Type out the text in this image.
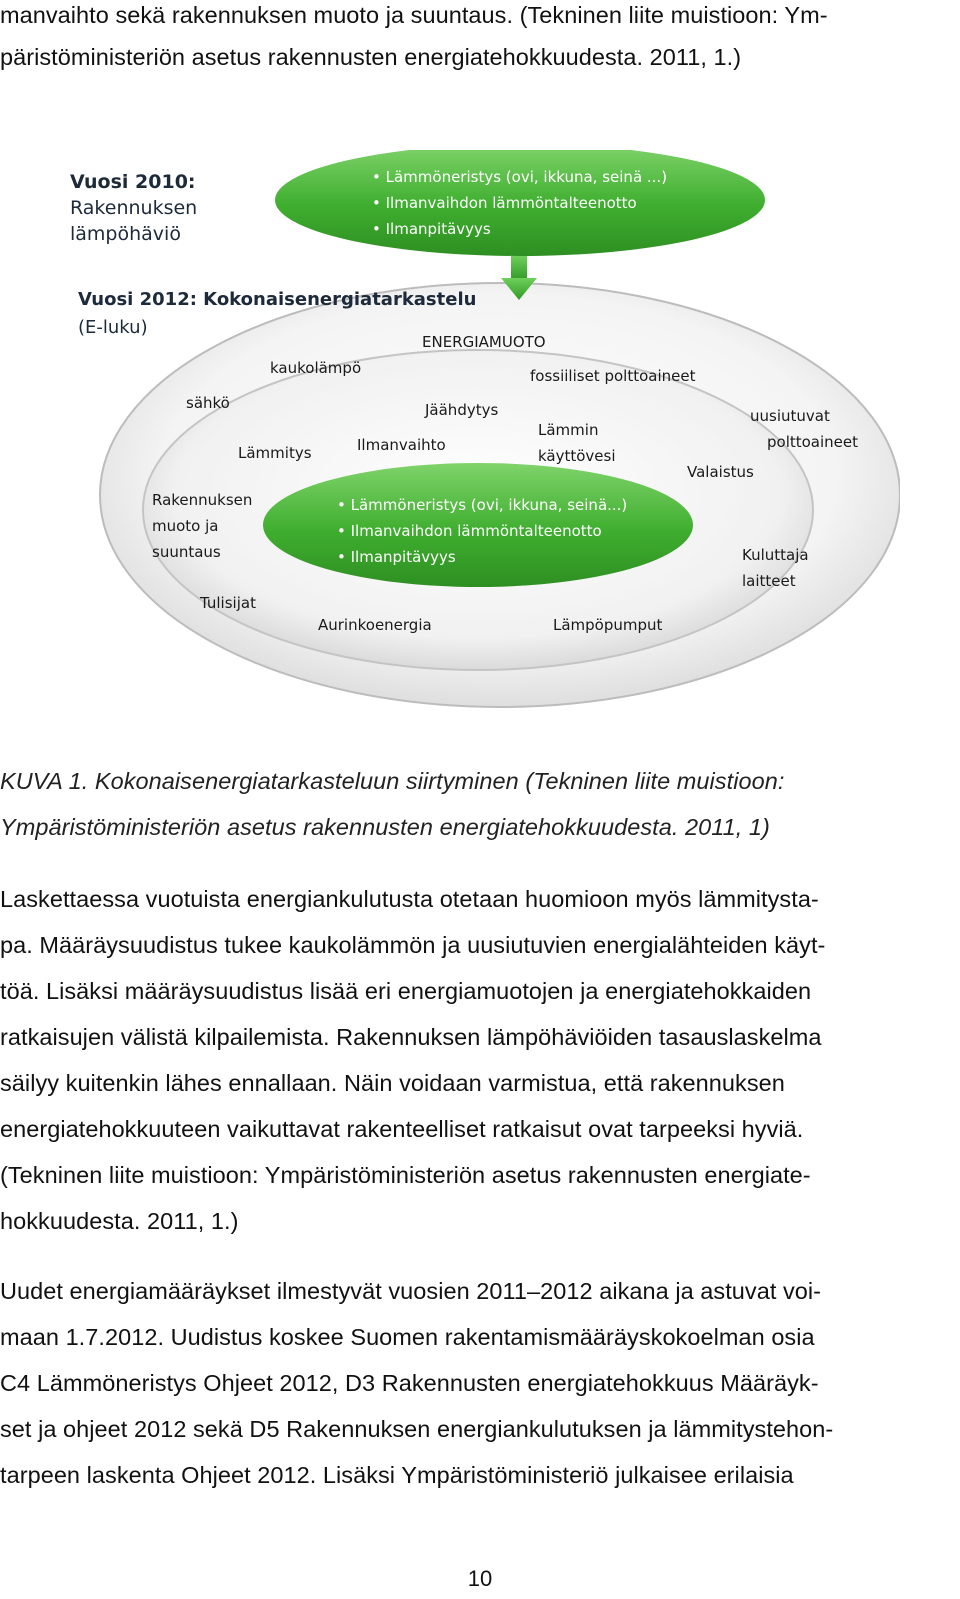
manvaihto sekä rakennuksen muoto ja suuntaus. (Tekninen liite muistioon: Ym-
päristöministeriön asetus rakennusten energiatehokkuudesta. 2011, 1.)
Vuosi 2010:
Rakennuksen
lämpöhäviö
• Lämmöneristys (ovi, ikkuna, seinä ...)
• Ilmanvaihdon lämmöntalteenotto
• Ilmanpitävyys
Vuosi 2012: Kokonaisenergiatarkastelu
(E-luku)
ENERGIAMUOTO
kaukolämpö	fossiiliset polttoaineet
sähkö
uusiutuvat
polttoaineet
Tulisijat
Aurinkoenergia	Lämpöpumput
Jäähdytys
Lämmin
käyttövesi
Lämmitys	Ilmanvaihto
Valaistus
Rakennuksen
muoto ja
suuntaus	Kuluttaja
laitteet
• Lämmöneristys (ovi, ikkuna, seinä...)
• Ilmanvaihdon lämmöntalteenotto
• Ilmanpitävyys
KUVA 1. Kokonaisenergiatarkasteluun siirtyminen (Tekninen liite muistioon:
Ympäristöministeriön asetus rakennusten energiatehokkuudesta. 2011, 1)
Laskettaessa vuotuista energiankulutusta otetaan huomioon myös lämmitysta-
pa. Määräysuudistus tukee kaukolämmön ja uusiutuvien energialähteiden käyt-
töä. Lisäksi määräysuudistus lisää eri energiamuotojen ja energiatehokkaiden
ratkaisujen välistä kilpailemista. Rakennuksen lämpöhäviöiden tasauslaskelma
säilyy kuitenkin lähes ennallaan. Näin voidaan varmistua, että rakennuksen
energiatehokkuuteen vaikuttavat rakenteelliset ratkaisut ovat tarpeeksi hyviä.
(Tekninen liite muistioon: Ympäristöministeriön asetus rakennusten energiate-
hokkuudesta. 2011, 1.)
Uudet energiamääräykset ilmestyvät vuosien 2011–2012 aikana ja astuvat voi-
maan 1.7.2012. Uudistus koskee Suomen rakentamismääräyskokoelman osia
C4 Lämmöneristys Ohjeet 2012, D3 Rakennusten energiatehokkuus Määräyk-
set ja ohjeet 2012 sekä D5 Rakennuksen energiankulutuksen ja lämmitystehon-
tarpeen laskenta Ohjeet 2012. Lisäksi Ympäristöministeriö julkaisee erilaisia
10
